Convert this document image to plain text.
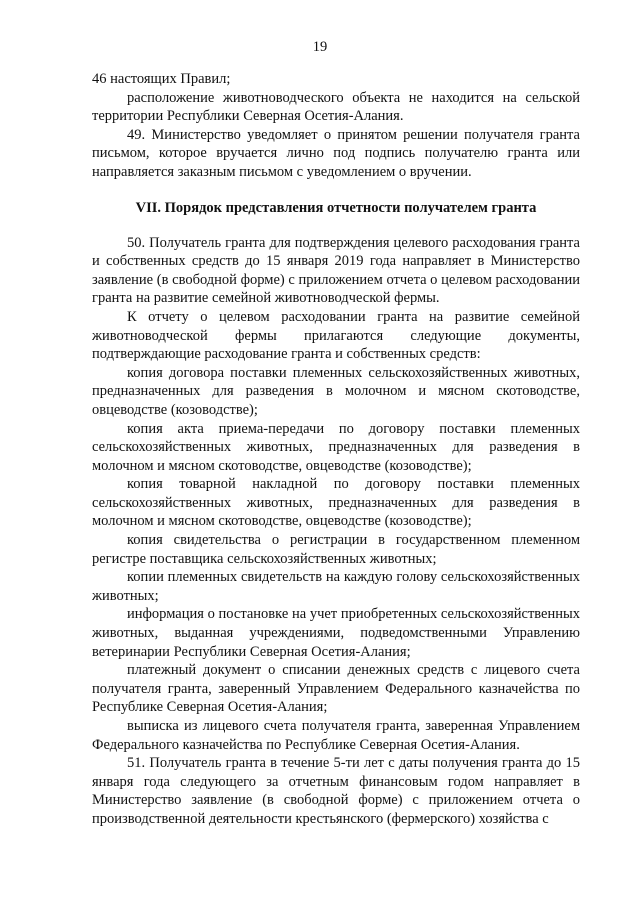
19

46 настоящих Правил;

расположение животноводческого объекта не находится на сельской территории Республики Северная Осетия-Алания.

49. Министерство уведомляет о принятом решении получателя гранта письмом, которое вручается лично под подпись получателю гранта или направляется заказным письмом с уведомлением о вручении.

VII. Порядок представления отчетности получателем гранта

50. Получатель гранта для подтверждения целевого расходования гранта и собственных средств до 15 января 2019 года направляет в Министерство заявление (в свободной форме) с приложением отчета о целевом расходовании гранта на развитие семейной животноводческой фермы.

К отчету о целевом расходовании гранта на развитие семейной животноводческой фермы прилагаются следующие документы, подтверждающие расходование гранта и собственных средств:

копия договора поставки племенных сельскохозяйственных животных, предназначенных для разведения в молочном и мясном скотоводстве, овцеводстве (козоводстве);

копия акта приема-передачи по договору поставки племенных сельскохозяйственных животных, предназначенных для разведения в молочном и мясном скотоводстве, овцеводстве (козоводстве);

копия товарной накладной по договору поставки племенных сельскохозяйственных животных, предназначенных для разведения в молочном и мясном скотоводстве, овцеводстве (козоводстве);

копия свидетельства о регистрации в государственном племенном регистре поставщика сельскохозяйственных животных;

копии племенных свидетельств на каждую голову сельскохозяйственных животных;

информация о постановке на учет приобретенных сельскохозяйственных животных, выданная учреждениями, подведомственными Управлению ветеринарии Республики Северная Осетия-Алания;

платежный документ о списании денежных средств с лицевого счета получателя гранта, заверенный Управлением Федерального казначейства по Республике Северная Осетия-Алания;

выписка из лицевого счета получателя гранта, заверенная Управлением Федерального казначейства по Республике Северная Осетия-Алания.

51. Получатель гранта в течение 5-ти лет с даты получения гранта до 15 января года следующего за отчетным финансовым годом направляет в Министерство заявление (в свободной форме) с приложением отчета о производственной деятельности крестьянского (фермерского) хозяйства с
